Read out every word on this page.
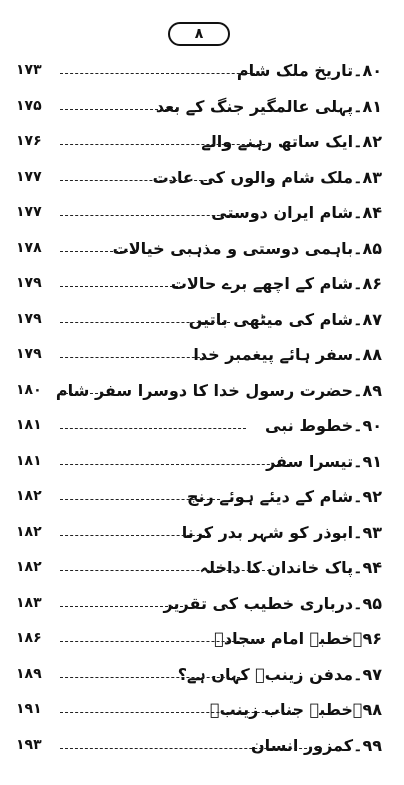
۸
۸۰۔تاریخ ملک شام
۱۷۳
۸۱۔پہلی عالمگیر جنگ کے بعد
۱۷۵
۸۲۔ایک ساتھ رہنے والے
۱۷۶
۸۳۔ملک شام والوں کی عادت
۱۷۷
۸۴۔شام ایران دوستی
۱۷۷
۸۵۔باہمی دوستی و مذہبی خیالات
۱۷۸
۸۶۔شام کے اچھے برے حالات
۱۷۹
۸۷۔شام کی میٹھی باتیں
۱۷۹
۸۸۔سفر ہائے پیغمبر خدا
۱۷۹
۸۹۔حضرت رسول خدا کا دوسرا سفر شام
۱۸۰
۹۰۔خطوط نبی
۱۸۱
۹۱۔تیسرا سفر
۱۸۱
۹۲۔شام کے دیئے ہوئے رنج
۱۸۲
۹۳۔ابوذر کو شہر بدر کرنا
۱۸۲
۹۴۔پاک خاندان کا داخلہ
۱۸۲
۹۵۔درباری خطیب کی تقریر
۱۸۳
۹۶۔خطبہ امام سجادؑ
۱۸۶
۹۷۔مدفن زینبؑ کہاں ہے؟
۱۸۹
۹۸۔خطبہ جناب زینبؑ
۱۹۱
۹۹۔کمزور انسان
۱۹۳
